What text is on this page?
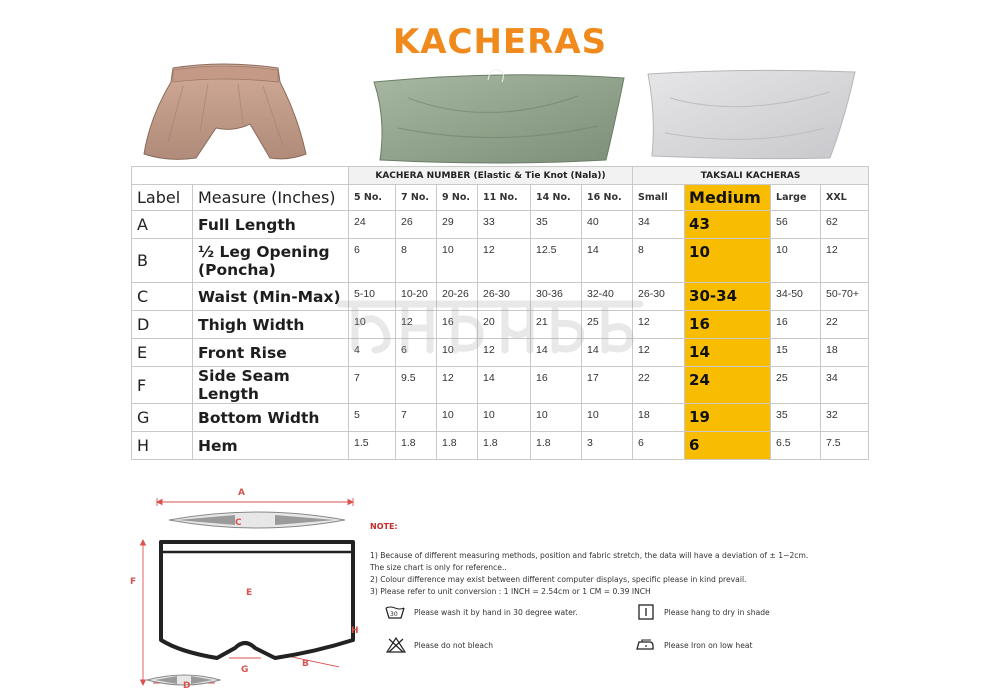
KACHERAS
		KACHERA NUMBER (Elastic & Tie Knot (Nala))						TAKSALI KACHERAS			
Label	Measure (Inches)	5 No.	7 No.	9 No.	11 No.	14 No.	16 No.	Small	Medium	Large	XXL
A	Full Length	24	26	29	33	35	40	34	43	56	62
B	½ Leg Opening (Poncha)	6	8	10	12	12.5	14	8	10	10	12
C	Waist (Min-Max)	5-10	10-20	20-26	26-30	30-36	32-40	26-30	30-34	34-50	50-70+
D	Thigh Width	10	12	16	20	21	25	12	16	16	22
E	Front Rise	4	6	10	12	14	14	12	14	15	18
F	Side Seam Length	7	9.5	12	14	16	17	22	24	25	34
G	Bottom Width	5	7	10	10	10	10	18	19	35	32
H	Hem	1.5	1.8	1.8	1.8	1.8	3	6	6	6.5	7.5
A
C
F
E
H
G
B
D
NOTE:

1) Because of different measuring methods, position and fabric stretch, the data will have a deviation of ± 1~2cm.

The size chart is only for reference..

2) Colour difference may exist between different computer displays, specific please in kind prevail.

3) Please refer to unit conversion : 1 INCH = 2.54cm or 1 CM = 0.39 INCH

30 Please wash it by hand in 30 degree water.	Please hang to dry in shade
Please do not bleach	Please Iron on low heat
